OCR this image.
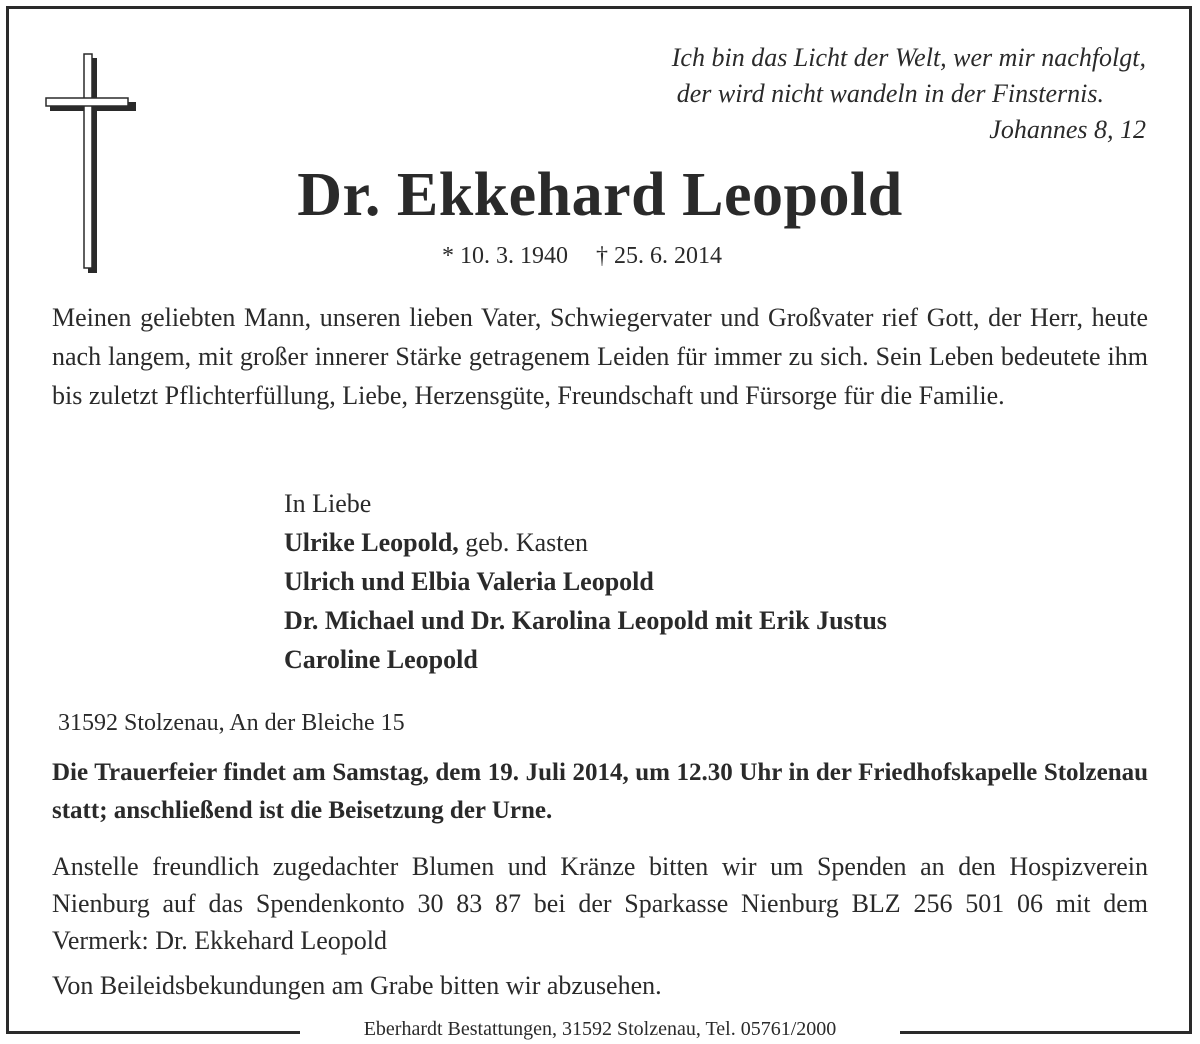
Ich bin das Licht der Welt, wer mir nachfolgt,
der wird nicht wandeln in der Finsternis.
Johannes 8, 12
Dr. Ekkehard Leopold
* 10. 3. 1940 † 25. 6. 2014
Meinen geliebten Mann, unseren lieben Vater, Schwiegervater und Großvater rief Gott, der Herr, heute nach langem, mit großer innerer Stärke getragenem Leiden für immer zu sich. Sein Leben bedeutete ihm bis zuletzt Pflichterfüllung, Liebe, Herzensgüte, Freundschaft und Fürsorge für die Familie.
In Liebe
Ulrike Leopold, geb. Kasten
Ulrich und Elbia Valeria Leopold
Dr. Michael und Dr. Karolina Leopold mit Erik Justus
Caroline Leopold
31592 Stolzenau, An der Bleiche 15
Die Trauerfeier findet am Samstag, dem 19. Juli 2014, um 12.30 Uhr in der Friedhofskapelle Stolzenau statt; anschließend ist die Beisetzung der Urne.
Anstelle freundlich zugedachter Blumen und Kränze bitten wir um Spenden an den Hospizverein Nienburg auf das Spendenkonto 30 83 87 bei der Sparkasse Nienburg BLZ 256 501 06 mit dem Vermerk: Dr. Ekkehard Leopold
Von Beileidsbekundungen am Grabe bitten wir abzusehen.
Eberhardt Bestattungen, 31592 Stolzenau, Tel. 05761/2000
